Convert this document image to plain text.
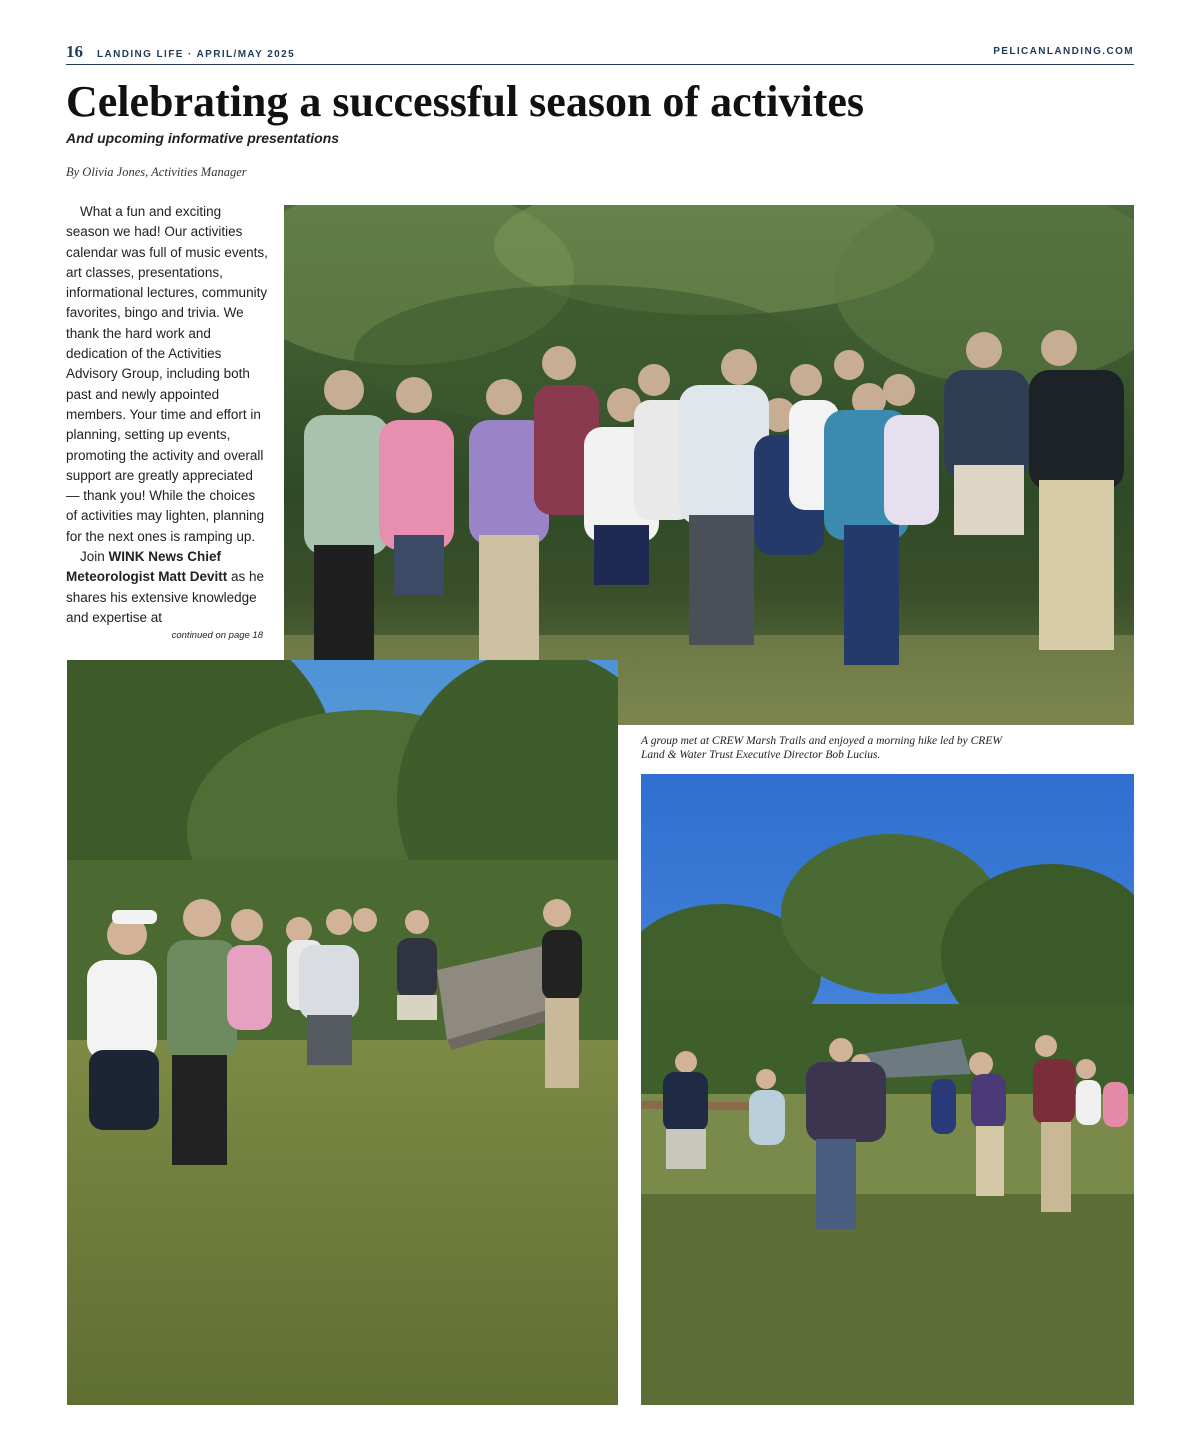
16 LANDING LIFE · APRIL/MAY 2025	PELICANLANDING.COM
Celebrating a successful season of activites

And upcoming informative presentations

By Olivia Jones, Activities Manager

What a fun and exciting season we had! Our activities calendar was full of music events, art classes, presentations, informational lectures, community favorites, bingo and trivia. We thank the hard work and dedication of the Activities Advisory Group, including both past and newly appointed members. Your time and effort in planning, setting up events, promoting the activity and overall support are greatly appreciated — thank you! While the choices of activities may lighten, planning for the next ones is ramping up.

Join WINK News Chief Meteorologist Matt Devitt as he shares his extensive knowledge and expertise at

continued on page 18

A group met at CREW Marsh Trails and enjoyed a morning hike led by CREW Land & Water Trust Executive Director Bob Lucius.
